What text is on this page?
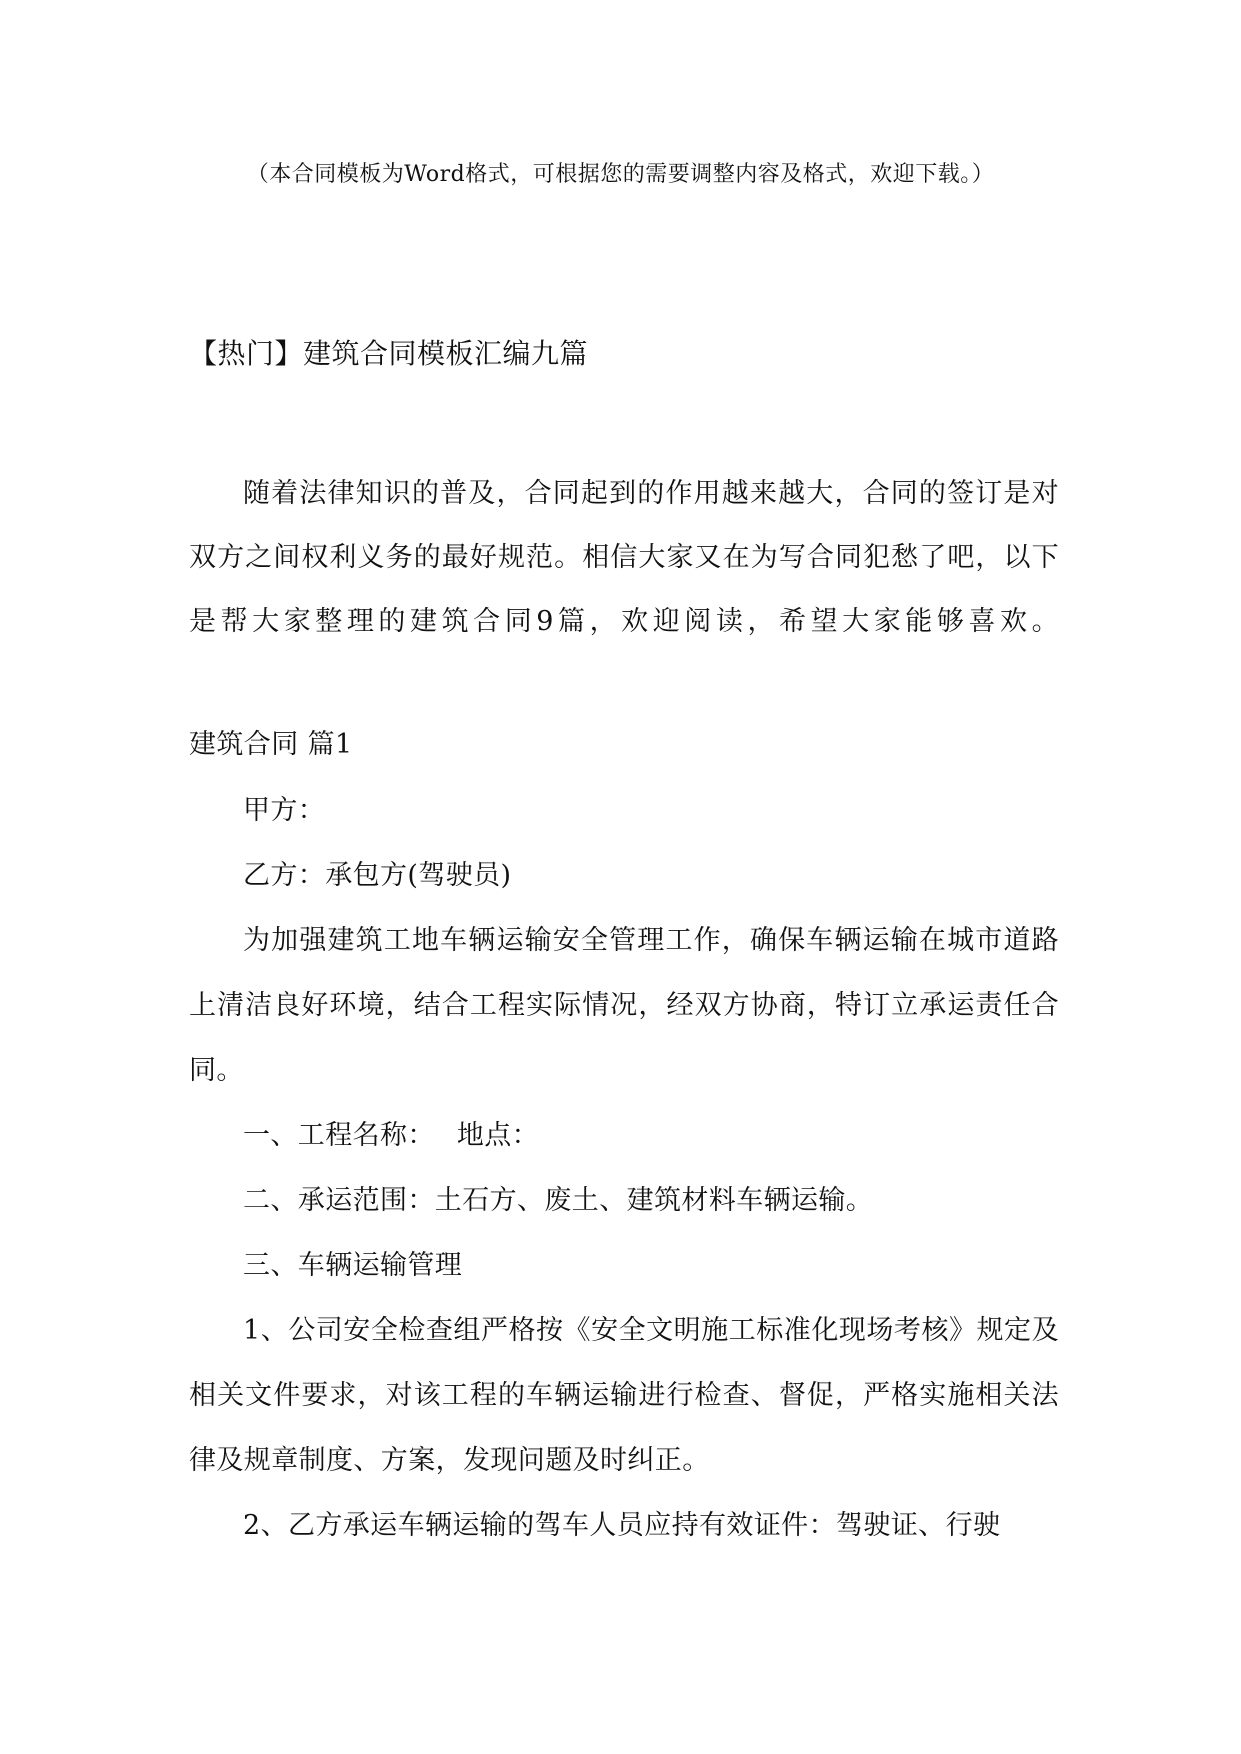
（本合同模板为Word格式，可根据您的需要调整内容及格式，欢迎下载。）
【热门】建筑合同模板汇编九篇

随着法律知识的普及，合同起到的作用越来越大，合同的签订是对双方之间权利义务的最好规范。相信大家又在为写合同犯愁了吧，以下是帮大家整理的建筑合同9篇，欢迎阅读，希望大家能够喜欢。

建筑合同 篇1

甲方：

乙方：承包方(驾驶员)

为加强建筑工地车辆运输安全管理工作，确保车辆运输在城市道路上清洁良好环境，结合工程实际情况，经双方协商，特订立承运责任合同。

一、工程名称： 地点：

二、承运范围：土石方、废土、建筑材料车辆运输。

三、车辆运输管理

1、公司安全检查组严格按《安全文明施工标准化现场考核》规定及相关文件要求，对该工程的车辆运输进行检查、督促，严格实施相关法律及规章制度、方案，发现问题及时纠正。

2、乙方承运车辆运输的驾车人员应持有效证件：驾驶证、行驶
